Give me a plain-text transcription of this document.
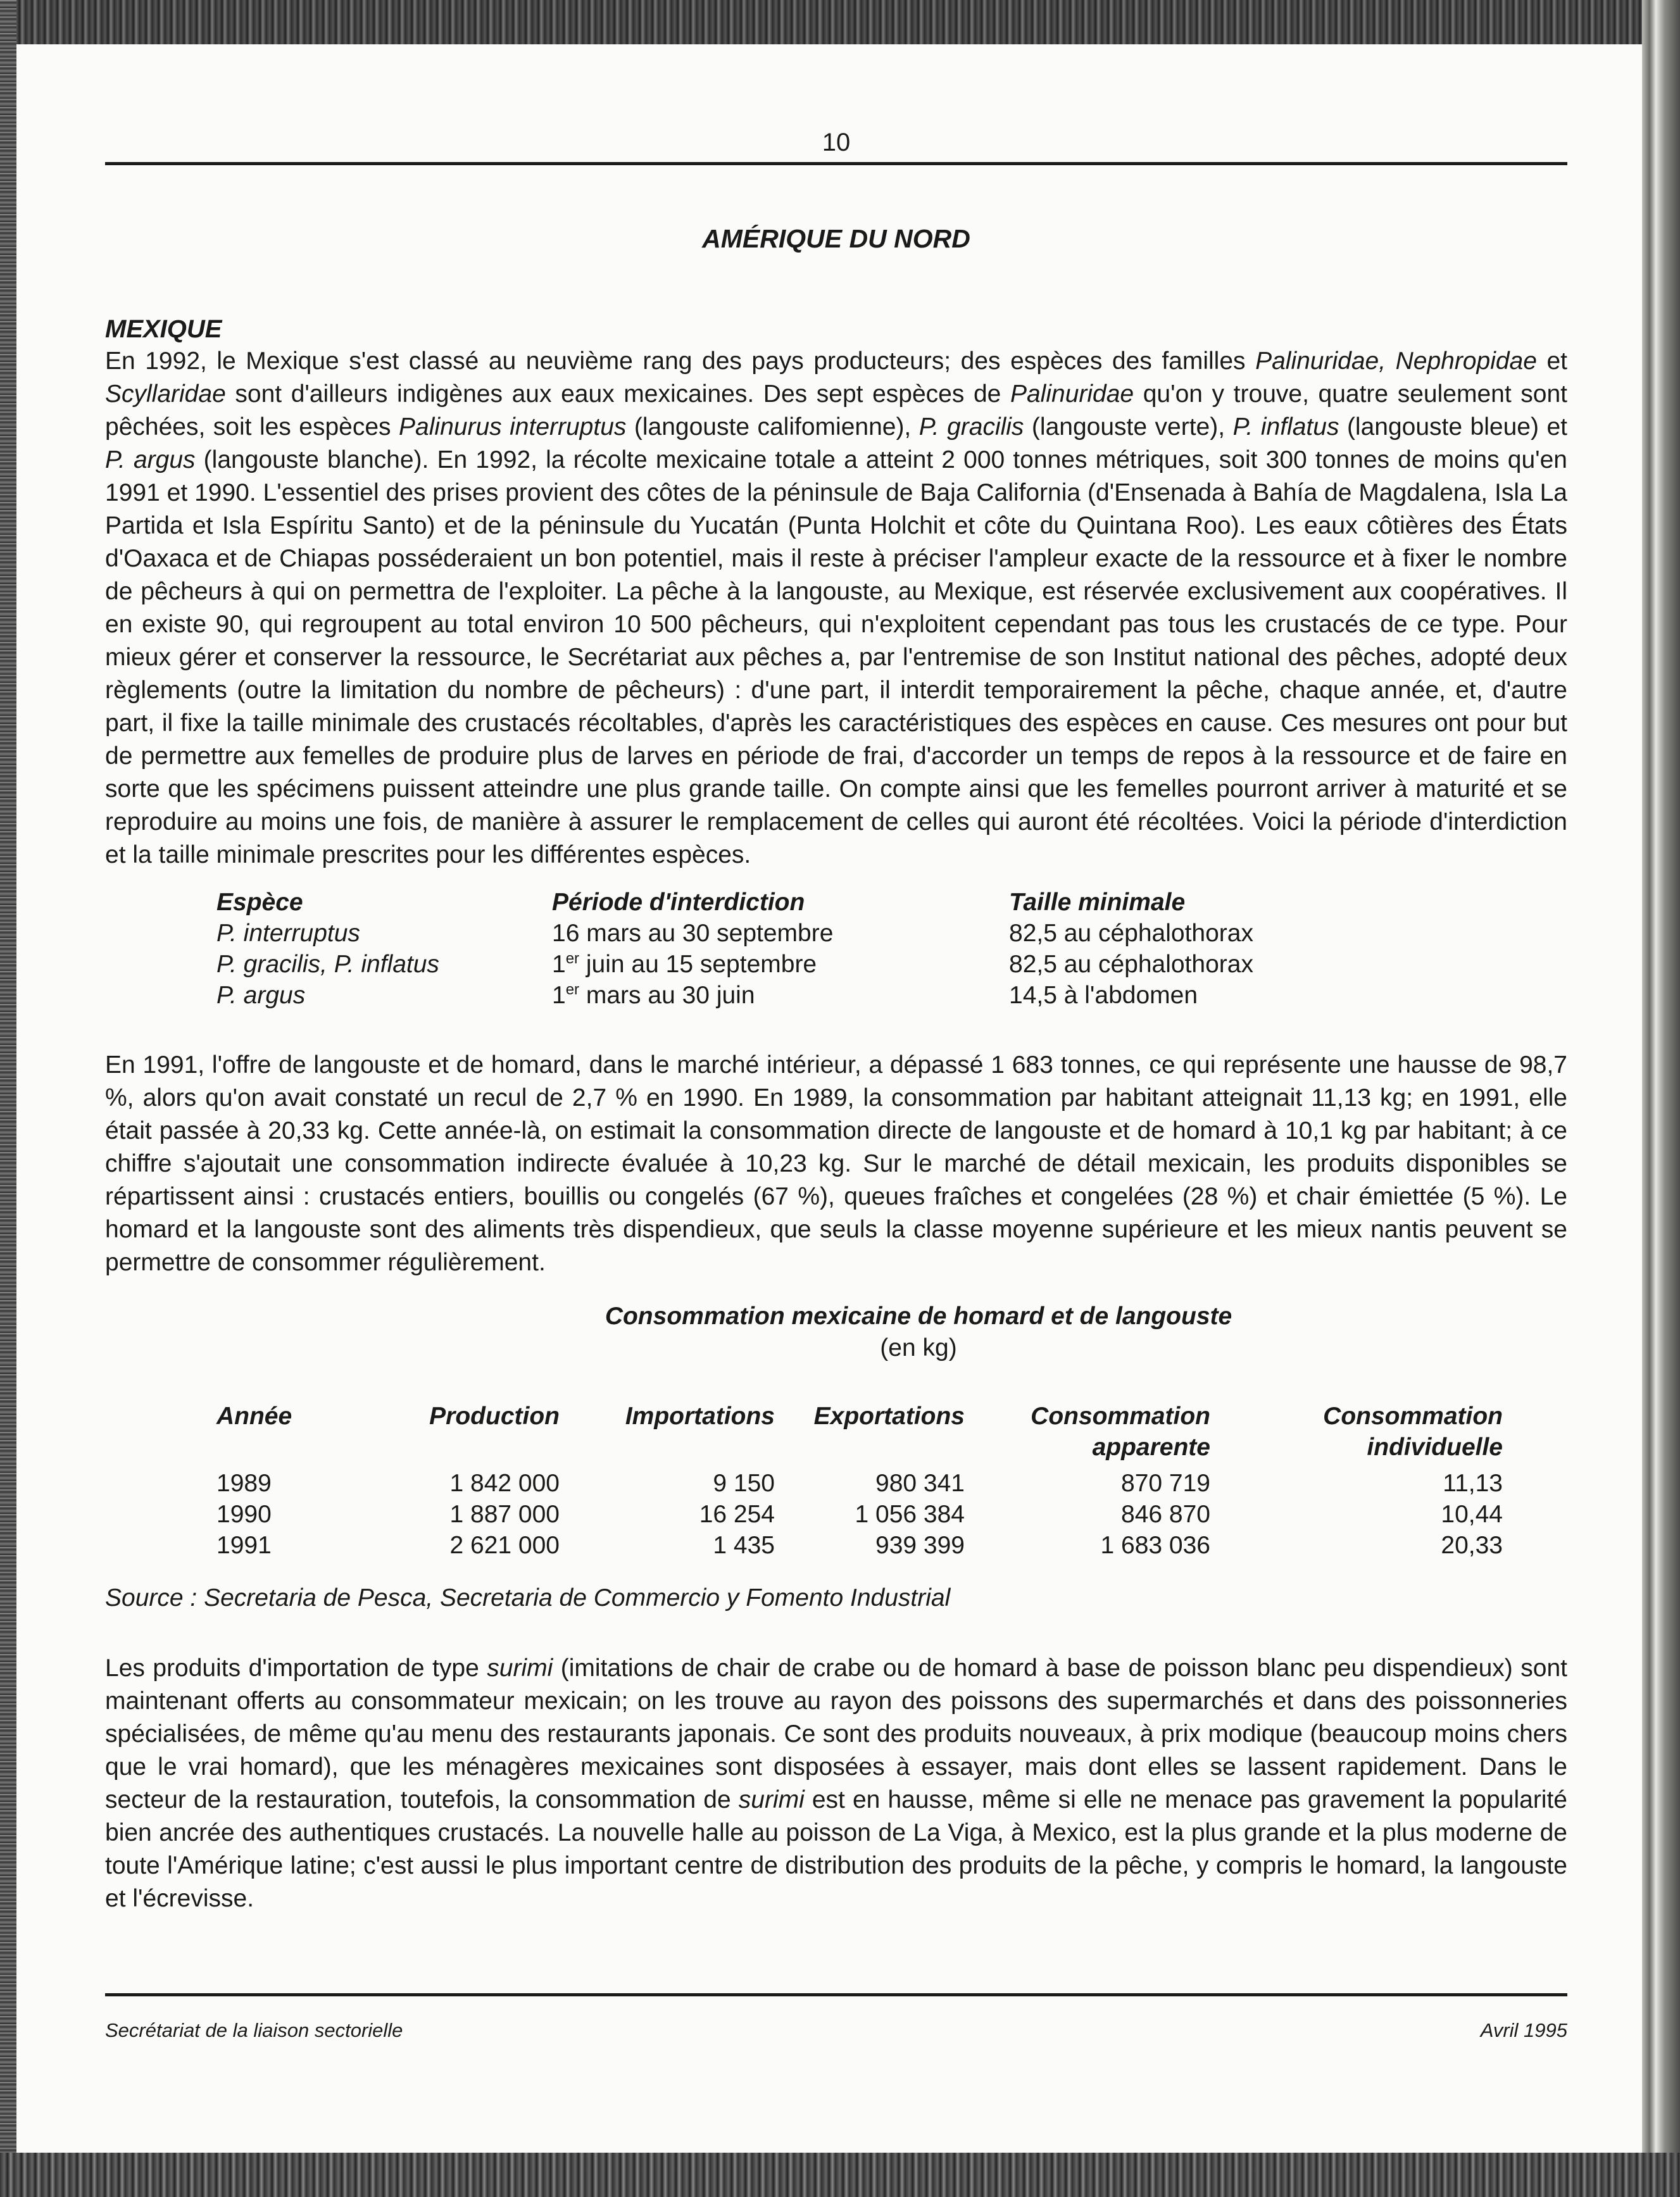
10
AMÉRIQUE DU NORD
MEXIQUE
En 1992, le Mexique s'est classé au neuvième rang des pays producteurs; des espèces des familles Palinuridae, Nephropidae et Scyllaridae sont d'ailleurs indigènes aux eaux mexicaines. Des sept espèces de Palinuridae qu'on y trouve, quatre seulement sont pêchées, soit les espèces Palinurus interruptus (langouste califomienne), P. gracilis (langouste verte), P. inflatus (langouste bleue) et P. argus (langouste blanche). En 1992, la récolte mexicaine totale a atteint 2 000 tonnes métriques, soit 300 tonnes de moins qu'en 1991 et 1990. L'essentiel des prises provient des côtes de la péninsule de Baja California (d'Ensenada à Bahía de Magdalena, Isla La Partida et Isla Espíritu Santo) et de la péninsule du Yucatán (Punta Holchit et côte du Quintana Roo). Les eaux côtières des États d'Oaxaca et de Chiapas posséderaient un bon potentiel, mais il reste à préciser l'ampleur exacte de la ressource et à fixer le nombre de pêcheurs à qui on permettra de l'exploiter. La pêche à la langouste, au Mexique, est réservée exclusivement aux coopératives. Il en existe 90, qui regroupent au total environ 10 500 pêcheurs, qui n'exploitent cependant pas tous les crustacés de ce type. Pour mieux gérer et conserver la ressource, le Secrétariat aux pêches a, par l'entremise de son Institut national des pêches, adopté deux règlements (outre la limitation du nombre de pêcheurs) : d'une part, il interdit temporairement la pêche, chaque année, et, d'autre part, il fixe la taille minimale des crustacés récoltables, d'après les caractéristiques des espèces en cause. Ces mesures ont pour but de permettre aux femelles de produire plus de larves en période de frai, d'accorder un temps de repos à la ressource et de faire en sorte que les spécimens puissent atteindre une plus grande taille. On compte ainsi que les femelles pourront arriver à maturité et se reproduire au moins une fois, de manière à assurer le remplacement de celles qui auront été récoltées. Voici la période d'interdiction et la taille minimale prescrites pour les différentes espèces.
Espèce	Période d'interdiction	Taille minimale
P. interruptus	16 mars au 30 septembre	82,5 au céphalothorax
P. gracilis, P. inflatus	1er juin au 15 septembre	82,5 au céphalothorax
P. argus	1er mars au 30 juin	14,5 à l'abdomen
En 1991, l'offre de langouste et de homard, dans le marché intérieur, a dépassé 1 683 tonnes, ce qui représente une hausse de 98,7 %, alors qu'on avait constaté un recul de 2,7 % en 1990. En 1989, la consommation par habitant atteignait 11,13 kg; en 1991, elle était passée à 20,33 kg. Cette année-là, on estimait la consommation directe de langouste et de homard à 10,1 kg par habitant; à ce chiffre s'ajoutait une consommation indirecte évaluée à 10,23 kg. Sur le marché de détail mexicain, les produits disponibles se répartissent ainsi : crustacés entiers, bouillis ou congelés (67 %), queues fraîches et congelées (28 %) et chair émiettée (5 %). Le homard et la langouste sont des aliments très dispendieux, que seuls la classe moyenne supérieure et les mieux nantis peuvent se permettre de consommer régulièrement.
Consommation mexicaine de homard et de langouste
(en kg)
Année	Production	Importations	Exportations	Consommation	Consommation
				apparente	individuelle
1989	1 842 000	9 150	980 341	870 719	11,13
1990	1 887 000	16 254	1 056 384	846 870	10,44
1991	2 621 000	1 435	939 399	1 683 036	20,33
Source : Secretaria de Pesca, Secretaria de Commercio y Fomento Industrial
Les produits d'importation de type surimi (imitations de chair de crabe ou de homard à base de poisson blanc peu dispendieux) sont maintenant offerts au consommateur mexicain; on les trouve au rayon des poissons des supermarchés et dans des poissonneries spécialisées, de même qu'au menu des restaurants japonais. Ce sont des produits nouveaux, à prix modique (beaucoup moins chers que le vrai homard), que les ménagères mexicaines sont disposées à essayer, mais dont elles se lassent rapidement. Dans le secteur de la restauration, toutefois, la consommation de surimi est en hausse, même si elle ne menace pas gravement la popularité bien ancrée des authentiques crustacés. La nouvelle halle au poisson de La Viga, à Mexico, est la plus grande et la plus moderne de toute l'Amérique latine; c'est aussi le plus important centre de distribution des produits de la pêche, y compris le homard, la langouste et l'écrevisse.
Secrétariat de la liaison sectorielle	Avril 1995
